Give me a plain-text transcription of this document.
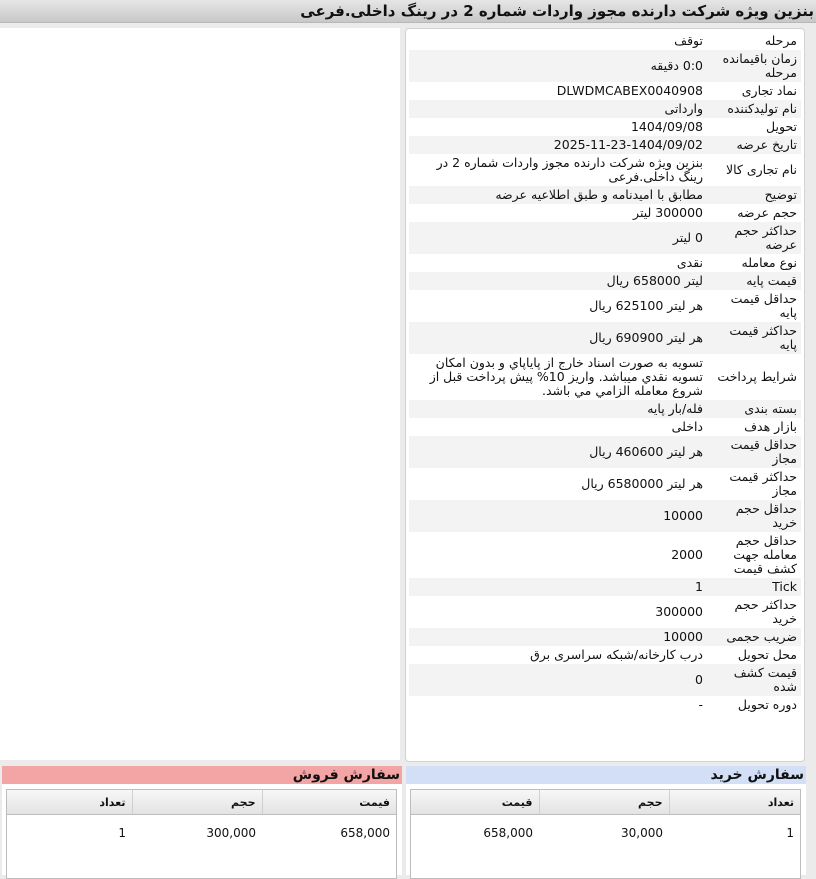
بنزين ويژه شركت دارنده مجوز واردات شماره 2 در رينگ داخلی.فرعی
مرحله	توقف
زمان باقیمانده مرحله	0:0 دقیقه
نماد تجاری	DLWDMCABEX0040908
نام تولیدکننده	وارداتی
تحویل	1404/09/08
تاریخ عرضه	2025-11-23-1404/09/02
نام تجاری کالا	بنزين ويژه شركت دارنده مجوز واردات شماره 2 در رينگ داخلی.فرعی
توضیح	مطابق با امیدنامه و طبق اطلاعیه عرضه
حجم عرضه	300000 لیتر
حداکثر حجم عرضه	0 لیتر
نوع معامله	نقدی
قیمت پایه	لیتر 658000 ریال
حداقل قیمت پایه	هر لیتر 625100 ریال
حداکثر قیمت پایه	هر لیتر 690900 ریال
شرایط پرداخت	تسويه به صورت اسناد خارج از پاياپاي و بدون امكان تسويه نقدي ميباشد. واريز 10% پيش پرداخت قبل از شروع معامله الزامي مي باشد.
بسته بندی	فله/بار پایه
بازار هدف	داخلی
حداقل قیمت مجاز	هر لیتر 460600 ریال
حداکثر قیمت مجاز	هر لیتر 6580000 ریال
حداقل حجم خرید	10000
حداقل حجم معامله جهت کشف قیمت	2000
Tick	1
حداکثر حجم خرید	300000
ضریب حجمی	10000
محل تحویل	درب کارخانه/شبکه سراسری برق
قیمت کشف شده	0
دوره تحویل	-
سفارش فروش
تعداد	حجم	فیمت
1	300,000	658,000
سفارش خرید
قیمت	حجم	تعداد
658,000	30,000	1
